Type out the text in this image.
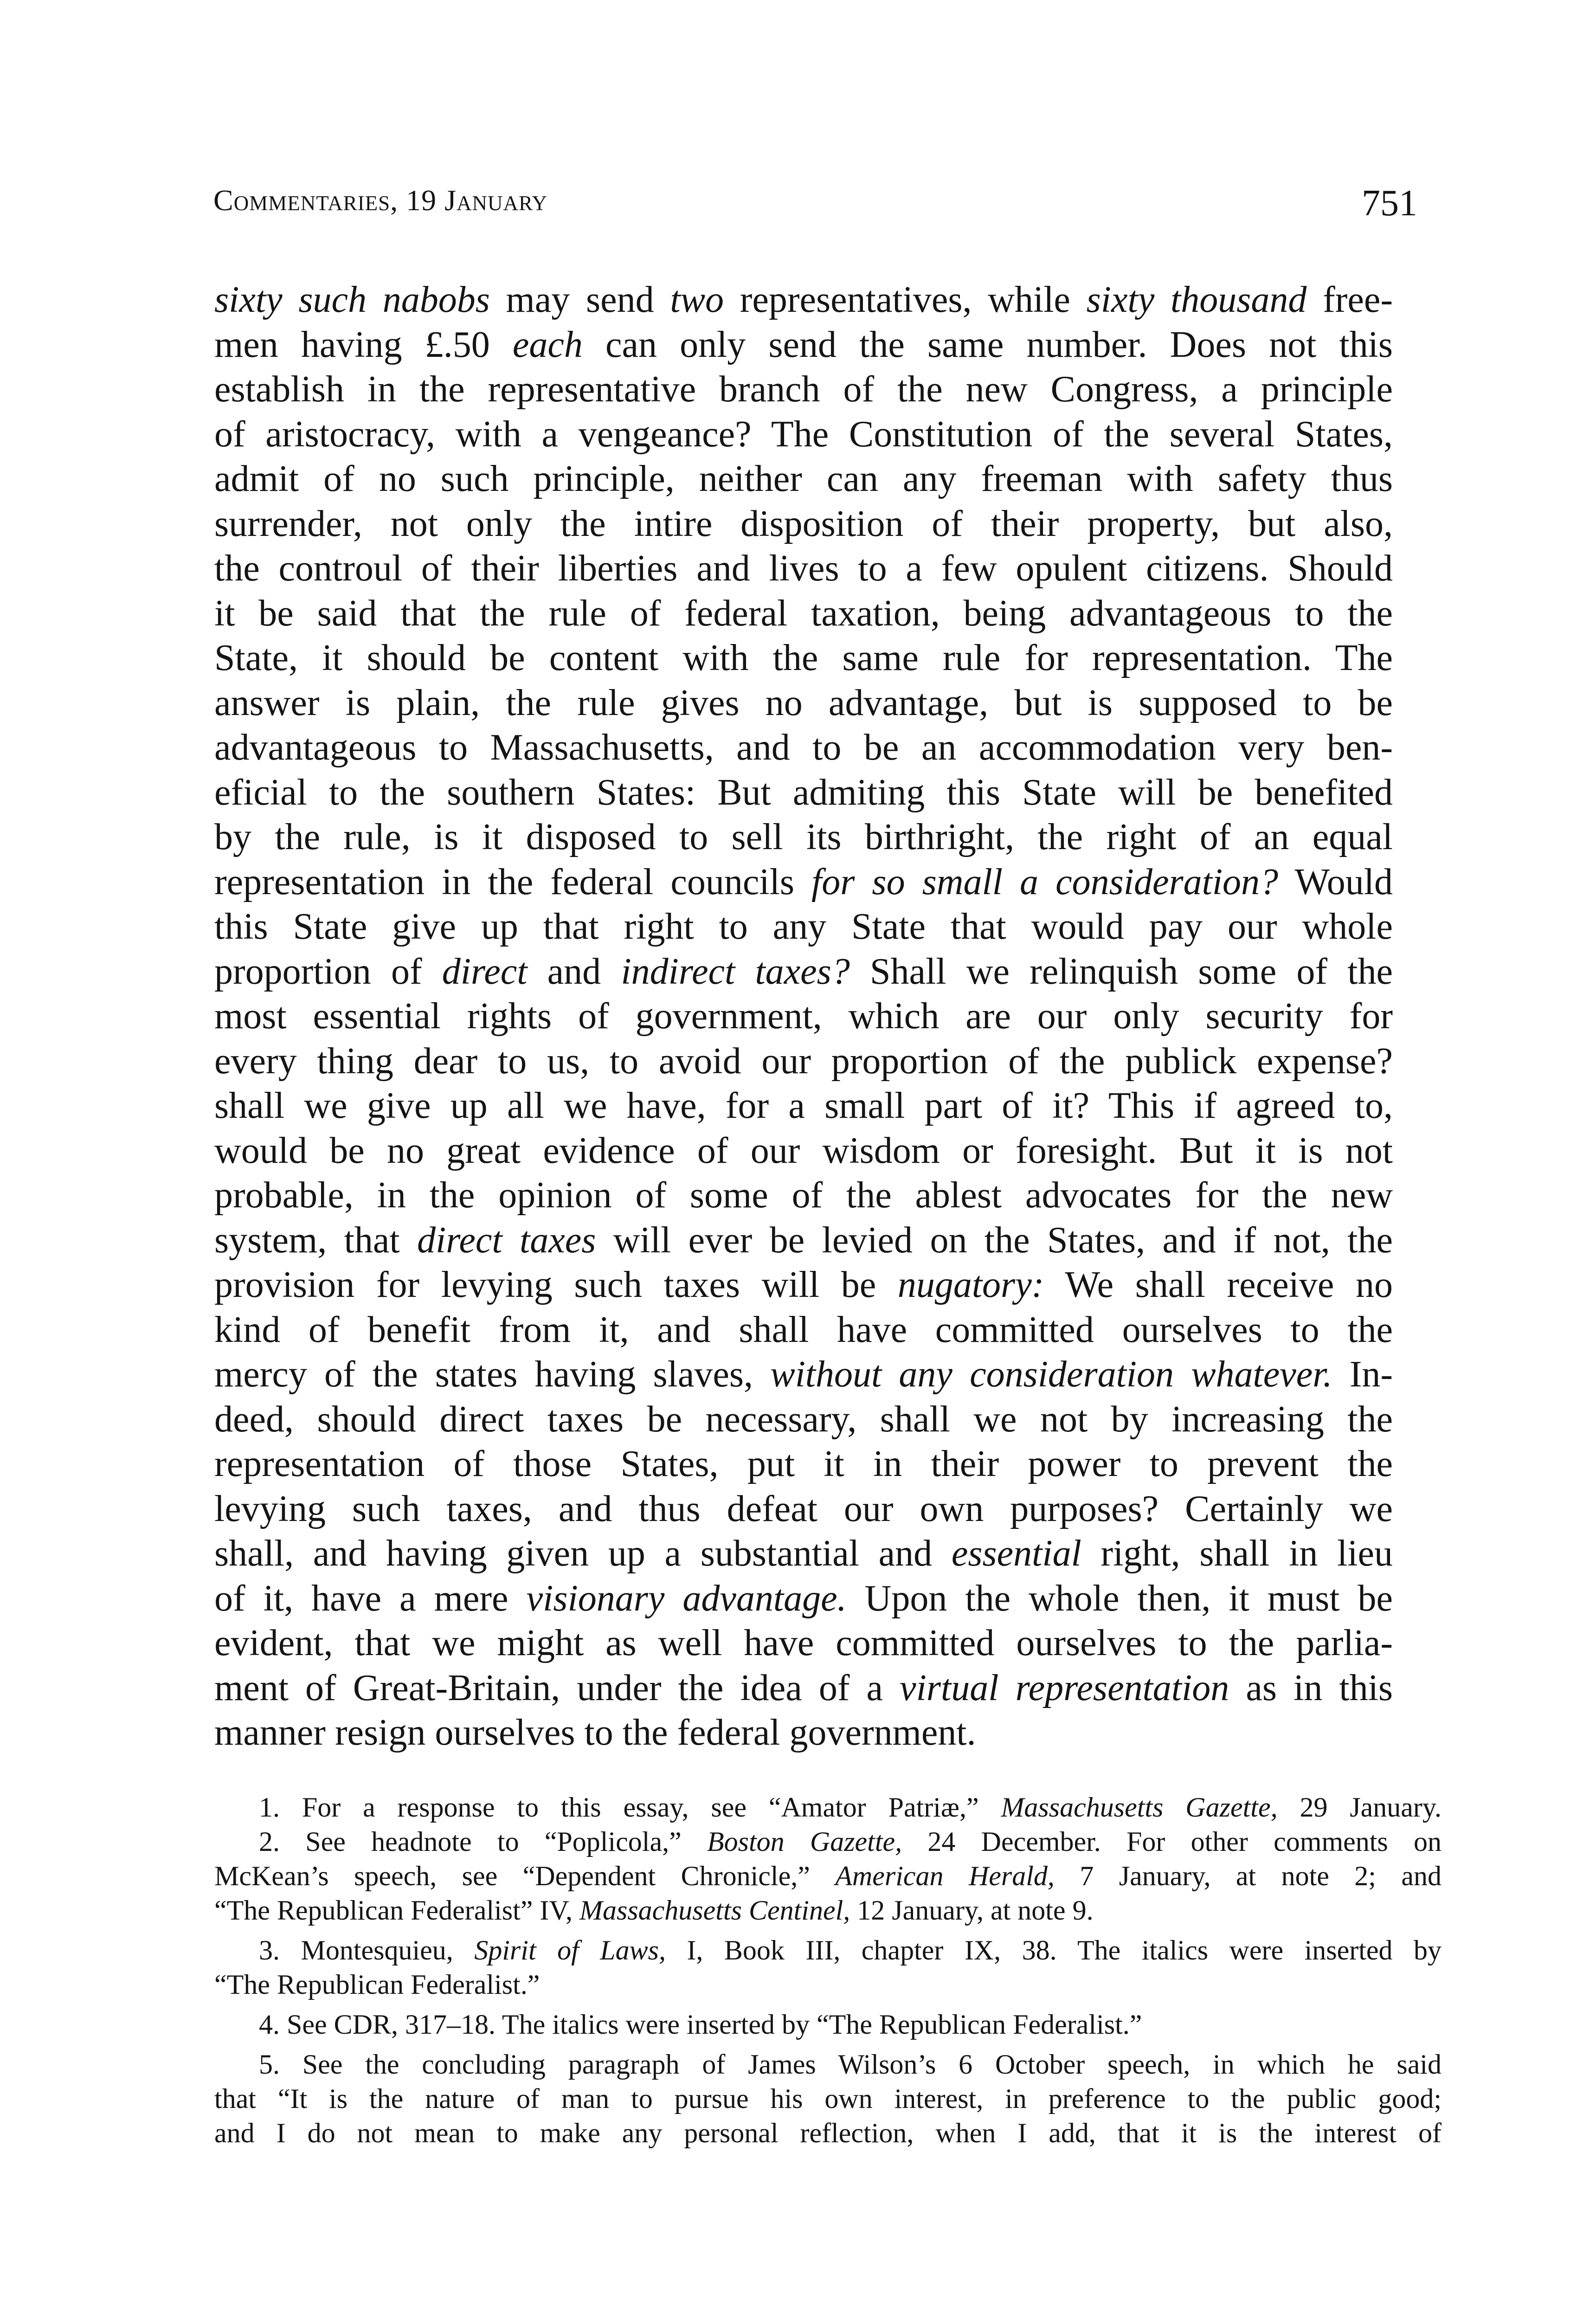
Commentaries, 19 January	751
sixty such nabobs may send two representatives, while sixty thousand free-
men having £.50 each can only send the same number. Does not this
establish in the representative branch of the new Congress, a principle
of aristocracy, with a vengeance? The Constitution of the several States,
admit of no such principle, neither can any freeman with safety thus
surrender, not only the intire disposition of their property, but also,
the controul of their liberties and lives to a few opulent citizens. Should
it be said that the rule of federal taxation, being advantageous to the
State, it should be content with the same rule for representation. The
answer is plain, the rule gives no advantage, but is supposed to be
advantageous to Massachusetts, and to be an accommodation very ben-
eficial to the southern States: But admiting this State will be benefited
by the rule, is it disposed to sell its birthright, the right of an equal
representation in the federal councils for so small a consideration? Would
this State give up that right to any State that would pay our whole
proportion of direct and indirect taxes? Shall we relinquish some of the
most essential rights of government, which are our only security for
every thing dear to us, to avoid our proportion of the publick expense?
shall we give up all we have, for a small part of it? This if agreed to,
would be no great evidence of our wisdom or foresight. But it is not
probable, in the opinion of some of the ablest advocates for the new
system, that direct taxes will ever be levied on the States, and if not, the
provision for levying such taxes will be nugatory: We shall receive no
kind of benefit from it, and shall have committed ourselves to the
mercy of the states having slaves, without any consideration whatever. In-
deed, should direct taxes be necessary, shall we not by increasing the
representation of those States, put it in their power to prevent the
levying such taxes, and thus defeat our own purposes? Certainly we
shall, and having given up a substantial and essential right, shall in lieu
of it, have a mere visionary advantage. Upon the whole then, it must be
evident, that we might as well have committed ourselves to the parlia-
ment of Great-Britain, under the idea of a virtual representation as in this
manner resign ourselves to the federal government.
1. For a response to this essay, see “Amator Patriæ,” Massachusetts Gazette, 29 January.
2. See headnote to “Poplicola,” Boston Gazette, 24 December. For other comments on
McKean’s speech, see “Dependent Chronicle,” American Herald, 7 January, at note 2; and
“The Republican Federalist” IV, Massachusetts Centinel, 12 January, at note 9.
3. Montesquieu, Spirit of Laws, I, Book III, chapter IX, 38. The italics were inserted by
“The Republican Federalist.”
4. See CDR, 317–18. The italics were inserted by “The Republican Federalist.”
5. See the concluding paragraph of James Wilson’s 6 October speech, in which he said
that “It is the nature of man to pursue his own interest, in preference to the public good;
and I do not mean to make any personal reflection, when I add, that it is the interest of
